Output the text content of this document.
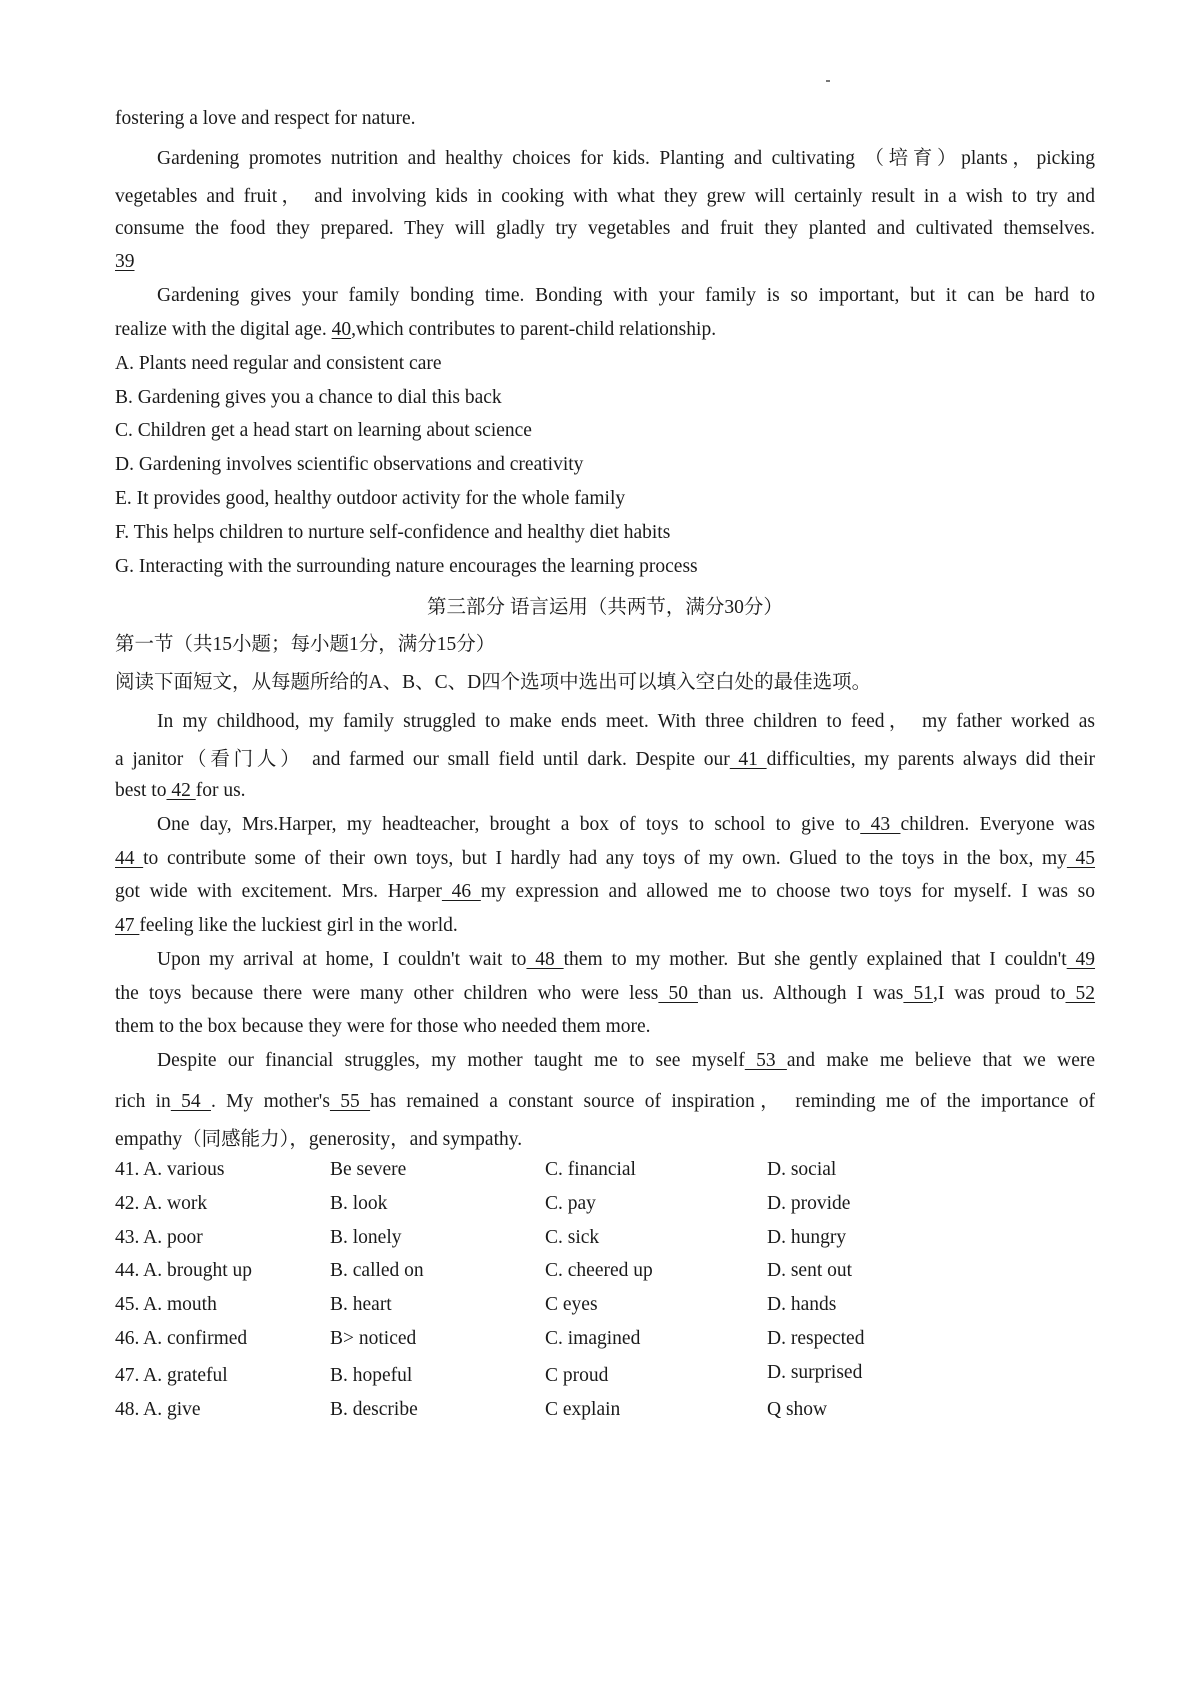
fostering a love and respect for nature.
Gardening promotes nutrition and healthy choices for kids. Planting and cultivating （培育）plants，picking
vegetables and fruit， and involving kids in cooking with what they grew will certainly result in a wish to try and
consume the food they prepared. They will gladly try vegetables and fruit they planted and cultivated themselves.
39
Gardening gives your family bonding time. Bonding with your family is so important, but it can be hard to
realize with the digital age. 40,which contributes to parent-child relationship.
A. Plants need regular and consistent care
B. Gardening gives you a chance to dial this back
C. Children get a head start on learning about science
D. Gardening involves scientific observations and creativity
E. It provides good, healthy outdoor activity for the whole family
F. This helps children to nurture self-confidence and healthy diet habits
G. Interacting with the surrounding nature encourages the learning process
第三部分 语言运用（共两节，满分30分）
第一节（共15小题；每小题1分，满分15分）
阅读下面短文，从每题所给的A、B、C、D四个选项中选出可以填入空白处的最佳选项。
In my childhood, my family struggled to make ends meet. With three children to feed， my father worked as
a janitor（看门人） and farmed our small field until dark. Despite our 41 difficulties, my parents always did their
best to 42 for us.
One day, Mrs.Harper, my headteacher, brought a box of toys to school to give to 43 children. Everyone was
44 to contribute some of their own toys, but I hardly had any toys of my own. Glued to the toys in the box, my 45
got wide with excitement. Mrs. Harper 46 my expression and allowed me to choose two toys for myself. I was so
47 feeling like the luckiest girl in the world.
Upon my arrival at home, I couldn't wait to 48 them to my mother. But she gently explained that I couldn't 49
the toys because there were many other children who were less 50 than us. Although I was 51,I was proud to 52
them to the box because they were for those who needed them more.
Despite our financial struggles, my mother taught me to see myself 53 and make me believe that we were
rich in 54 . My mother's 55 has remained a constant source of inspiration， reminding me of the importance of
empathy（同感能力），generosity，and sympathy.
41. A. various	Be severe	C. financial	D. social
42. A. work	B. look	C. pay	D. provide
43. A. poor	B. lonely	C. sick	D. hungry
44. A. brought up	B. called on	C. cheered up	D. sent out
45. A. mouth	B. heart	C eyes	D. hands
46. A. confirmed	B> noticed	C. imagined	D. respected
47. A. grateful	B. hopeful	C proud	D. surprised
48. A. give	B. describe	C explain	Q show
